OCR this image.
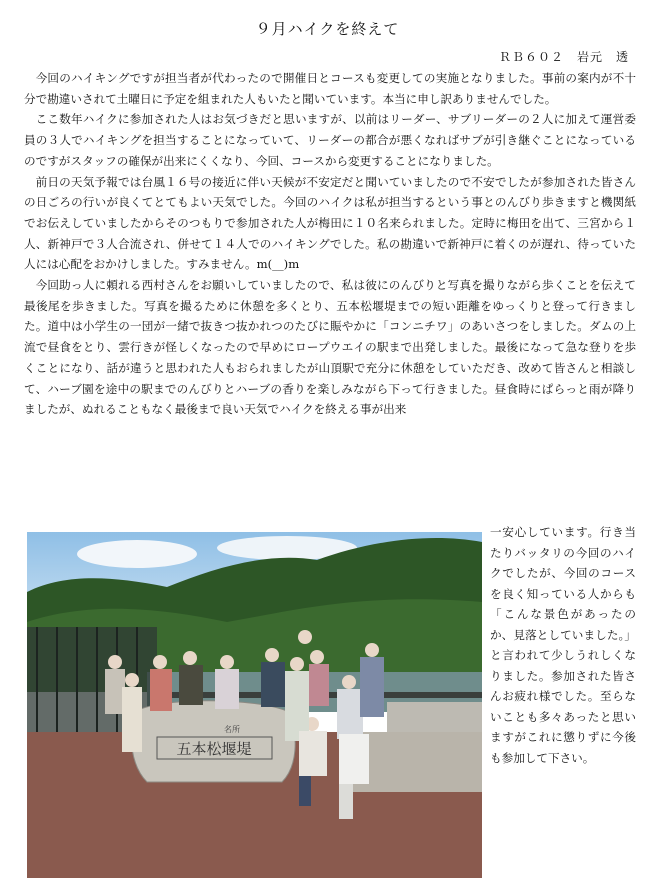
９月ハイクを終えて
ＲＢ６０２　岩元　透

今回のハイキングですが担当者が代わったので開催日とコースも変更しての実施となりました。事前の案内が不十分で勘違いされて土曜日に予定を組まれた人もいたと聞いています。本当に申し訳ありませんでした。

ここ数年ハイクに参加された人はお気づきだと思いますが、以前はリーダー、サブリーダーの２人に加えて運営委員の３人でハイキングを担当することになっていて、リーダーの都合が悪くなればサブが引き継ぐことになっているのですがスタッフの確保が出来にくくなり、今回、コースから変更することになりました。

前日の天気予報では台風１６号の接近に伴い天候が不安定だと聞いていましたので不安でしたが参加された皆さんの日ごろの行いが良くてとてもよい天気でした。今回のハイクは私が担当するという事とのんびり歩きますと機関紙でお伝えしていましたからそのつもりで参加された人が梅田に１０名来られました。定時に梅田を出て、三宮から１人、新神戸で３人合流され、併せて１４人でのハイキングでした。私の勘違いで新神戸に着くのが遅れ、待っていた人には心配をおかけしました。すみません。m(__)m

今回助っ人に頼れる西村さんをお願いしていましたので、私は彼にのんびりと写真を撮りながら歩くことを伝えて最後尾を歩きました。写真を撮るために休憩を多くとり、五本松堰堤までの短い距離をゆっくりと登って行きました。道中は小学生の一団が一緒で抜きつ抜かれつのたびに賑やかに「コンニチワ」のあいさつをしました。ダムの上流で昼食をとり、雲行きが怪しくなったので早めにロープウエイの駅まで出発しました。最後になって急な登りを歩くことになり、話が違うと思われた人もおられましたが山頂駅で充分に休憩をしていただき、改めて皆さんと相談して、ハーブ園を途中の駅までのんびりとハーブの香りを楽しみながら下って行きました。昼食時にぱらっと雨が降りましたが、ぬれることもなく最後まで良い天気でハイクを終える事が出来

五本松堰堤
名所

一安心しています。行き当たりバッタリの今回のハイクでしたが、今回のコースを良く知っている人からも「こんな景色があったのか、見落としていました。」と言われて少しうれしくなりました。参加された皆さんお疲れ様でした。至らないことも多々あったと思いますがこれに懲りずに今後も参加して下さい。
